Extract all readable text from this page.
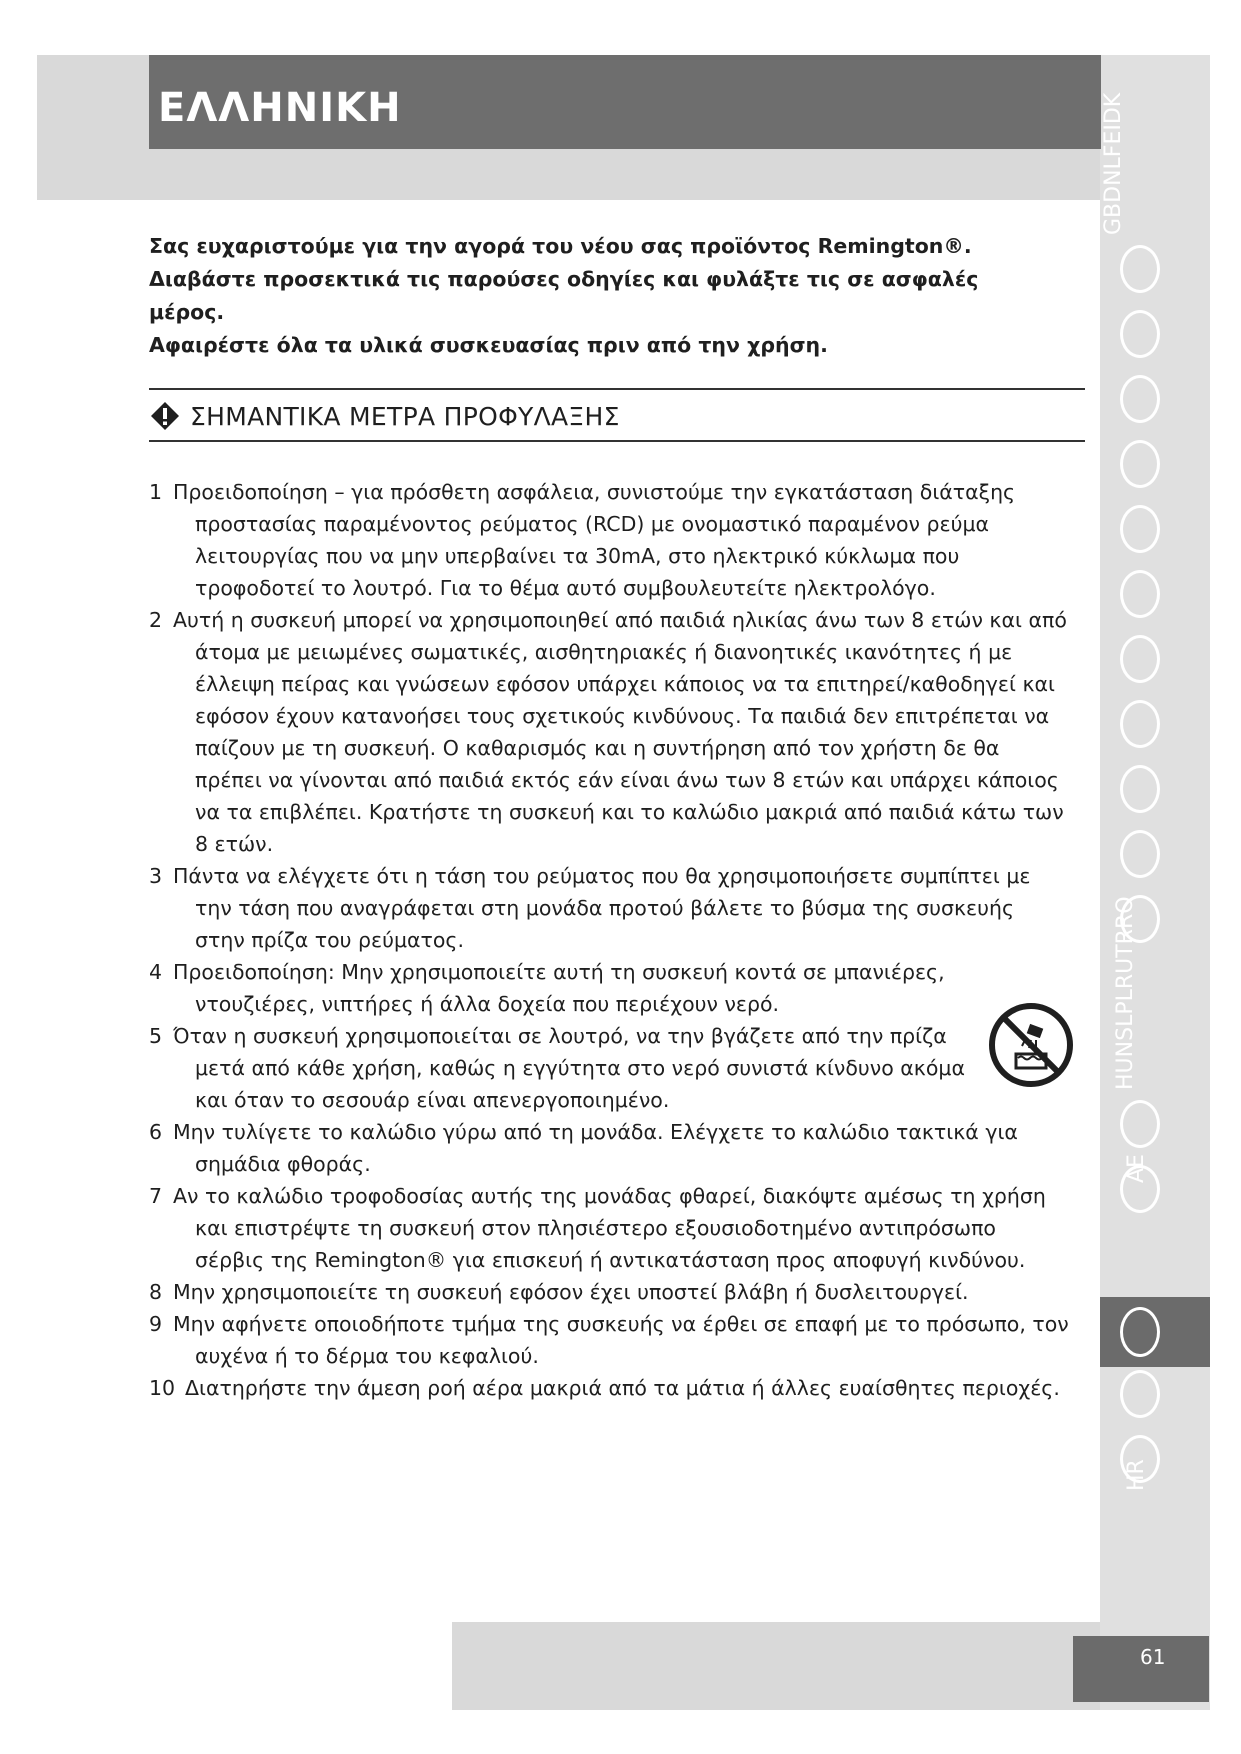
ΕΛΛΗΝΙΚΗ

Σας ευχαριστούμε για την αγορά του νέου σας προϊόντος Remington®.

Διαβάστε προσεκτικά τις παρούσες οδηγίες και φυλάξτε τις σε ασφαλές μέρος.

Αφαιρέστε όλα τα υλικά συσκευασίας πριν από την χρήση.

ΣΗΜΑΝΤΙΚΑ ΜΕΤΡΑ ΠΡΟΦΥΛΑΞΗΣ
1 Προειδοποίηση – για πρόσθετη ασφάλεια, συνιστούμε την εγκατάσταση διάταξης προστασίας παραμένοντος ρεύματος (RCD) με ονομαστικό παραμένον ρεύμα λειτουργίας που να μην υπερβαίνει τα 30mA, στο ηλεκτρικό κύκλωμα που τροφοδοτεί το λουτρό. Για το θέμα αυτό συμβουλευτείτε ηλεκτρολόγο.
2 Αυτή η συσκευή μπορεί να χρησιμοποιηθεί από παιδιά ηλικίας άνω των 8 ετών και από άτομα με μειωμένες σωματικές, αισθητηριακές ή διανοητικές ικανότητες ή με έλλειψη πείρας και γνώσεων εφόσον υπάρχει κάποιος να τα επιτηρεί/καθοδηγεί και εφόσον έχουν κατανοήσει τους σχετικούς κινδύνους. Τα παιδιά δεν επιτρέπεται να παίζουν με τη συσκευή. Ο καθαρισμός και η συντήρηση από τον χρήστη δε θα πρέπει να γίνονται από παιδιά εκτός εάν είναι άνω των 8 ετών και υπάρχει κάποιος να τα επιβλέπει. Κρατήστε τη συσκευή και το καλώδιο μακριά από παιδιά κάτω των 8 ετών.
3 Πάντα να ελέγχετε ότι η τάση του ρεύματος που θα χρησιμοποιήσετε συμπίπτει με την τάση που αναγράφεται στη μονάδα προτού βάλετε το βύσμα της συσκευής στην πρίζα του ρεύματος.
4 Προειδοποίηση: Μην χρησιμοποιείτε αυτή τη συσκευή κοντά σε μπανιέρες, ντουζιέρες, νιπτήρες ή άλλα δοχεία που περιέχουν νερό.
5 Όταν η συσκευή χρησιμοποιείται σε λουτρό, να την βγάζετε από την πρίζα μετά από κάθε χρήση, καθώς η εγγύτητα στο νερό συνιστά κίνδυνο ακόμα και όταν το σεσουάρ είναι απενεργοποιημένο.
6 Μην τυλίγετε το καλώδιο γύρω από τη μονάδα. Ελέγχετε το καλώδιο τακτικά για σημάδια φθοράς.
7 Αν το καλώδιο τροφοδοσίας αυτής της μονάδας φθαρεί, διακόψτε αμέσως τη χρήση και επιστρέψτε τη συσκευή στον πλησιέστερο εξουσιοδοτημένο αντιπρόσωπο σέρβις της Remington® για επισκευή ή αντικατάσταση προς αποφυγή κινδύνου.
8 Μην χρησιμοποιείτε τη συσκευή εφόσον έχει υποστεί βλάβη ή δυσλειτουργεί.
9 Μην αφήνετε οποιοδήποτε τμήμα της συσκευής να έρθει σε επαφή με το πρόσωπο, τον αυχένα ή το δέρμα του κεφαλιού.
10 Διατηρήστε την άμεση ροή αέρα μακριά από τα μάτια ή άλλες ευαίσθητες περιοχές.
GBDNLFEIDK
HUNSLPLRUTRRO
AE
HR
61
